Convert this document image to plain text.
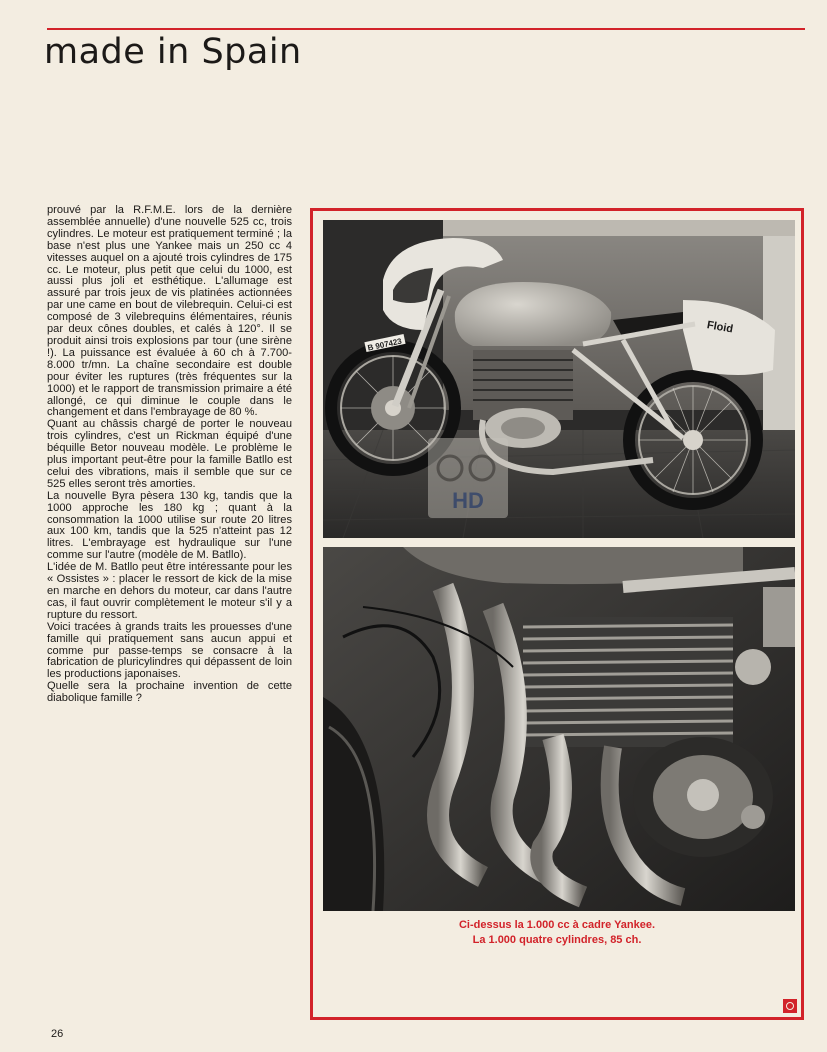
made in Spain

prouvé par la R.F.M.E. lors de la dernière assemblée annuelle) d'une nouvelle 525 cc, trois cylindres. Le moteur est pratiquement terminé ; la base n'est plus une Yankee mais un 250 cc 4 vitesses auquel on a ajouté trois cylindres de 175 cc. Le moteur, plus petit que celui du 1000, est aussi plus joli et esthétique. L'allumage est assuré par trois jeux de vis platinées actionnées par une came en bout de vilebrequin. Celui-ci est composé de 3 vilebrequins élémentaires, réunis par deux cônes doubles, et calés à 120°. Il se produit ainsi trois explosions par tour (une sirène !). La puissance est évaluée à 60 ch à 7.700-8.000 tr/mn. La chaîne secondaire est double pour éviter les ruptures (très fréquentes sur la 1000) et le rapport de transmission primaire a été allongé, ce qui diminue le couple dans le changement et dans l'embrayage de 80 %.

Quant au châssis chargé de porter le nouveau trois cylindres, c'est un Rickman équipé d'une béquille Betor nouveau modèle. Le problème le plus important peut-être pour la famille Batllo est celui des vibrations, mais il semble que sur ce 525 elles seront très amorties.

La nouvelle Byra pèsera 130 kg, tandis que la 1000 approche les 180 kg ; quant à la consommation la 1000 utilise sur route 20 litres aux 100 km, tandis que la 525 n'atteint pas 12 litres. L'embrayage est hydraulique sur l'une comme sur l'autre (modèle de M. Batllo).

L'idée de M. Batllo peut être intéressante pour les « Ossistes » : placer le ressort de kick de la mise en marche en dehors du moteur, car dans l'autre cas, il faut ouvrir complètement le moteur s'il y a rupture du ressort.

Voici tracées à grands traits les prouesses d'une famille qui pratiquement sans aucun appui et comme pur passe-temps se consacre à la fabrication de pluricylindres qui dépassent de loin les productions japonaises.

Quelle sera la prochaine invention de cette diabolique famille ?

B 907423
Floid
Ci-dessus la 1.000 cc à cadre Yankee.
La 1.000 quatre cylindres, 85 ch.
HD
26
